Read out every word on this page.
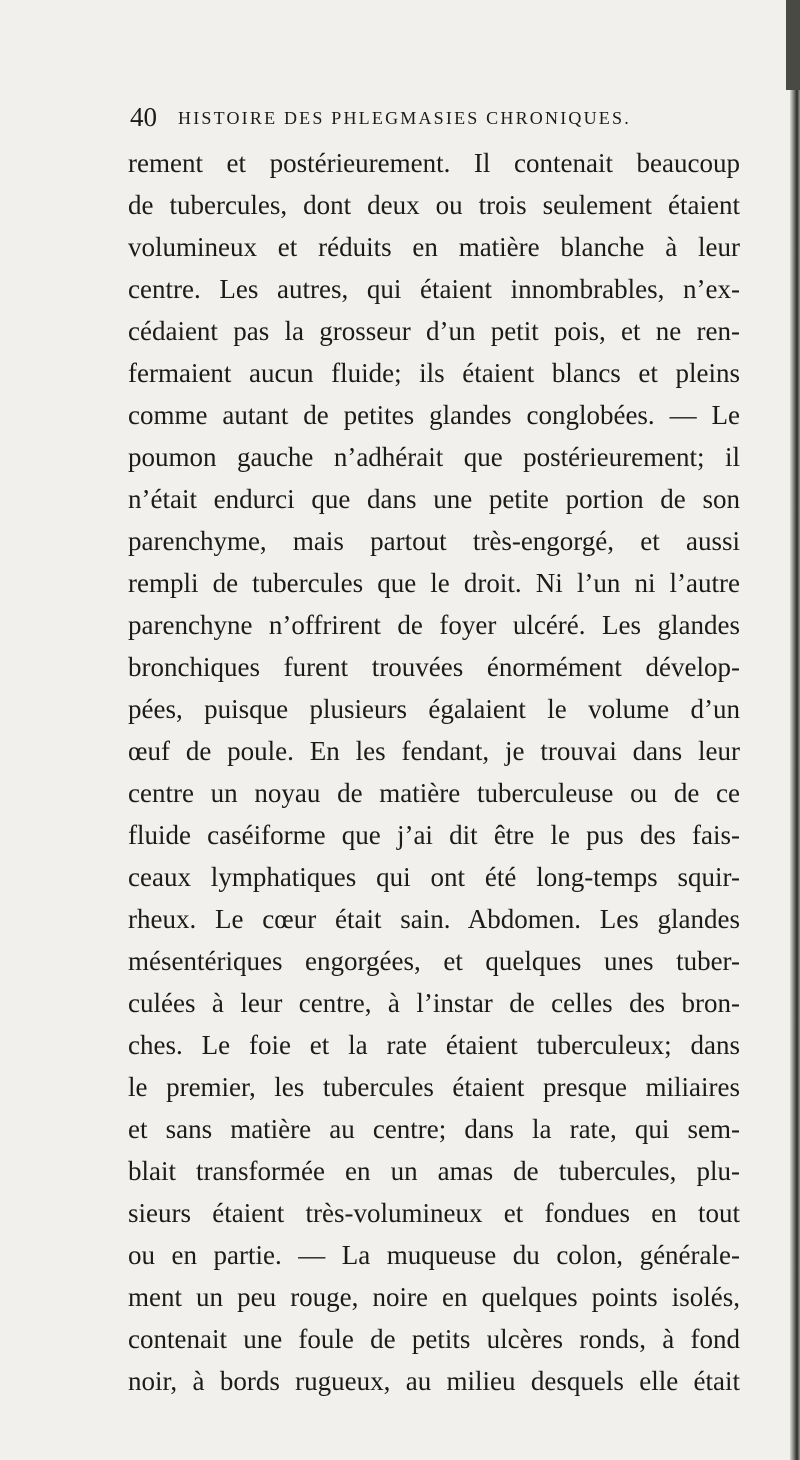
40 HISTOIRE DES PHLEGMASIES CHRONIQUES.
rement et postérieurement. Il contenait beaucoup
de tubercules, dont deux ou trois seulement étaient
volumineux et réduits en matière blanche à leur
centre. Les autres, qui étaient innombrables, n’ex-
cédaient pas la grosseur d’un petit pois, et ne ren-
fermaient aucun fluide; ils étaient blancs et pleins
comme autant de petites glandes conglobées. — Le
poumon gauche n’adhérait que postérieurement; il
n’était endurci que dans une petite portion de son
parenchyme, mais partout très-engorgé, et aussi
rempli de tubercules que le droit. Ni l’un ni l’autre
parenchyne n’offrirent de foyer ulcéré. Les glandes
bronchiques furent trouvées énormément dévelop-
pées, puisque plusieurs égalaient le volume d’un
œuf de poule. En les fendant, je trouvai dans leur
centre un noyau de matière tuberculeuse ou de ce
fluide caséiforme que j’ai dit être le pus des fais-
ceaux lymphatiques qui ont été long-temps squir-
rheux. Le cœur était sain. Abdomen. Les glandes
mésentériques engorgées, et quelques unes tuber-
culées à leur centre, à l’instar de celles des bron-
ches. Le foie et la rate étaient tuberculeux; dans
le premier, les tubercules étaient presque miliaires
et sans matière au centre; dans la rate, qui sem-
blait transformée en un amas de tubercules, plu-
sieurs étaient très-volumineux et fondues en tout
ou en partie. — La muqueuse du colon, générale-
ment un peu rouge, noire en quelques points isolés,
contenait une foule de petits ulcères ronds, à fond
noir, à bords rugueux, au milieu desquels elle était
